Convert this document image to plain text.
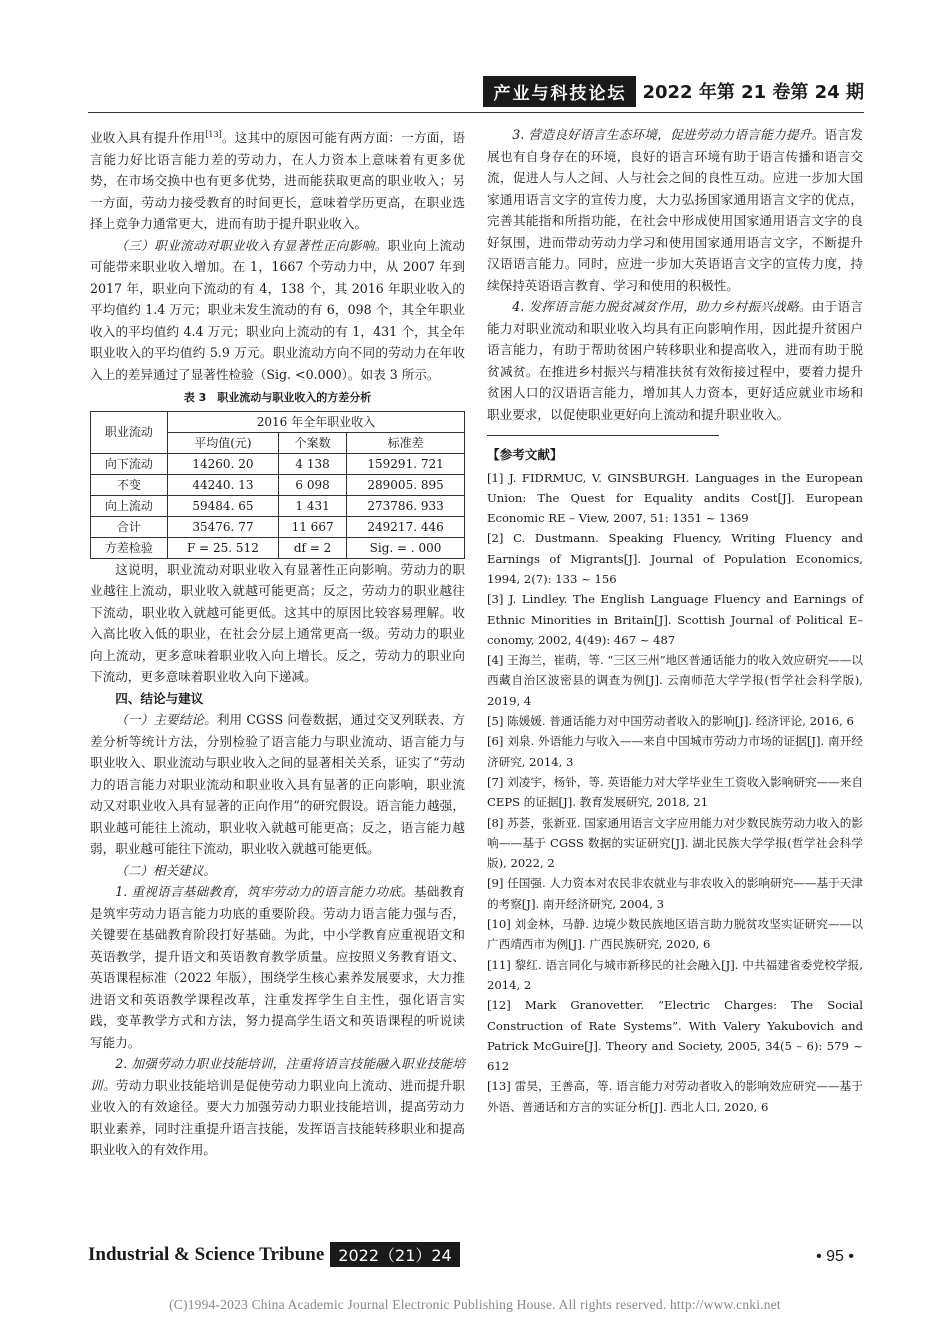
产业与科技论坛 2022 年第 21 卷第 24 期

业收入具有提升作用[13]。这其中的原因可能有两方面：一方面，语言能力好比语言能力差的劳动力，在人力资本上意味着有更多优势，在市场交换中也有更多优势，进而能获取更高的职业收入；另一方面，劳动力接受教育的时间更长，意味着学历更高，在职业选择上竞争力通常更大，进而有助于提升职业收入。

（三）职业流动对职业收入有显著性正向影响。职业向上流动可能带来职业收入增加。在 1，1667 个劳动力中，从 2007 年到 2017 年，职业向下流动的有 4，138 个，其 2016 年职业收入的平均值约 1.4 万元；职业未发生流动的有 6，098 个，其全年职业收入的平均值约 4.4 万元；职业向上流动的有 1，431 个，其全年职业收入的平均值约 5.9 万元。职业流动方向不同的劳动力在年收入上的差异通过了显著性检验（Sig. <0.000）。如表 3 所示。

表 3　职业流动与职业收入的方差分析
职业流动	2016 年全年职业收入		
	平均值(元)	个案数	标准差
向下流动	14260. 20	4 138	159291. 721
不变	44240. 13	6 098	289005. 895
向上流动	59484. 65	1 431	273786. 933
合计	35476. 77	11 667	249217. 446
方差检验	F = 25. 512	df = 2	Sig. = . 000

这说明，职业流动对职业收入有显著性正向影响。劳动力的职业越往上流动，职业收入就越可能更高；反之，劳动力的职业越往下流动，职业收入就越可能更低。这其中的原因比较容易理解。收入高比收入低的职业，在社会分层上通常更高一级。劳动力的职业向上流动，更多意味着职业收入向上增长。反之，劳动力的职业向下流动，更多意味着职业收入向下递减。

四、结论与建议

（一）主要结论。利用 CGSS 问卷数据，通过交叉列联表、方差分析等统计方法，分别检验了语言能力与职业流动、语言能力与职业收入、职业流动与职业收入之间的显著相关关系，证实了“劳动力的语言能力对职业流动和职业收入具有显著的正向影响，职业流动又对职业收入具有显著的正向作用”的研究假设。语言能力越强，职业越可能往上流动，职业收入就越可能更高；反之，语言能力越弱，职业越可能往下流动，职业收入就越可能更低。

（二）相关建议。

1. 重视语言基础教育，筑牢劳动力的语言能力功底。基础教育是筑牢劳动力语言能力功底的重要阶段。劳动力语言能力强与否，关键要在基础教育阶段打好基础。为此，中小学教育应重视语文和英语教学，提升语文和英语教育教学质量。应按照义务教育语文、英语课程标准（2022 年版），围绕学生核心素养发展要求，大力推进语文和英语教学课程改革，注重发挥学生自主性，强化语言实践，变革教学方式和方法，努力提高学生语文和英语课程的听说读写能力。

2. 加强劳动力职业技能培训，注重将语言技能融入职业技能培训。劳动力职业技能培训是促使劳动力职业向上流动、进而提升职业收入的有效途径。要大力加强劳动力职业技能培训，提高劳动力职业素养，同时注重提升语言技能，发挥语言技能转移职业和提高职业收入的有效作用。

3. 营造良好语言生态环境，促进劳动力语言能力提升。语言发展也有自身存在的环境，良好的语言环境有助于语言传播和语言交流，促进人与人之间、人与社会之间的良性互动。应进一步加大国家通用语言文字的宣传力度，大力弘扬国家通用语言文字的优点，完善其能指和所指功能，在社会中形成使用国家通用语言文字的良好氛围，进而带动劳动力学习和使用国家通用语言文字，不断提升汉语语言能力。同时，应进一步加大英语语言文字的宣传力度，持续保持英语语言教育、学习和使用的积极性。

4. 发挥语言能力脱贫减贫作用，助力乡村振兴战略。由于语言能力对职业流动和职业收入均具有正向影响作用，因此提升贫困户语言能力，有助于帮助贫困户转移职业和提高收入，进而有助于脱贫减贫。在推进乡村振兴与精准扶贫有效衔接过程中，要着力提升贫困人口的汉语语言能力，增加其人力资本，更好适应就业市场和职业要求，以促使职业更好向上流动和提升职业收入。

【参考文献】

[1] J. FIDRMUC, V. GINSBURGH. Languages in the European Union: The Quest for Equality andits Cost[J]. European Economic RE – View, 2007, 51: 1351 ~ 1369

[2] C. Dustmann. Speaking Fluency, Writing Fluency and Earnings of Migrants[J]. Journal of Population Economics, 1994, 2(7): 133 ~ 156

[3] J. Lindley. The English Language Fluency and Earnings of Ethnic Minorities in Britain[J]. Scottish Journal of Political E–conomy, 2002, 4(49): 467 ~ 487

[4] 王海兰，崔萌，等. “三区三州”地区普通话能力的收入效应研究——以西藏自治区波密县的调查为例[J]. 云南师范大学学报(哲学社会科学版), 2019, 4

[5] 陈媛媛. 普通话能力对中国劳动者收入的影响[J]. 经济评论, 2016, 6

[6] 刘泉. 外语能力与收入——来自中国城市劳动力市场的证据[J]. 南开经济研究, 2014, 3

[7] 刘凌宇，杨钋，等. 英语能力对大学毕业生工资收入影响研究——来自 CEPS 的证据[J]. 教育发展研究, 2018, 21

[8] 苏荟，张新亚. 国家通用语言文字应用能力对少数民族劳动力收入的影响——基于 CGSS 数据的实证研究[J]. 湖北民族大学学报(哲学社会科学版), 2022, 2

[9] 任国强. 人力资本对农民非农就业与非农收入的影响研究——基于天津的考察[J]. 南开经济研究, 2004, 3

[10] 刘金林，马静. 边境少数民族地区语言助力脱贫攻坚实证研究——以广西靖西市为例[J]. 广西民族研究, 2020, 6

[11] 黎红. 语言同化与城市新移民的社会融入[J]. 中共福建省委党校学报, 2014, 2

[12] Mark Granovetter. “Electric Charges: The Social Construction of Rate Systems”. With Valery Yakubovich and Patrick McGuire[J]. Theory and Society, 2005, 34(5 – 6): 579 ~ 612

[13] 雷昊，王善高，等. 语言能力对劳动者收入的影响效应研究——基于外语、普通话和方言的实证分析[J]. 西北人口, 2020, 6

Industrial & Science Tribune 2022（21）24	• 95 •
(C)1994-2023 China Academic Journal Electronic Publishing House. All rights reserved. http://www.cnki.net
